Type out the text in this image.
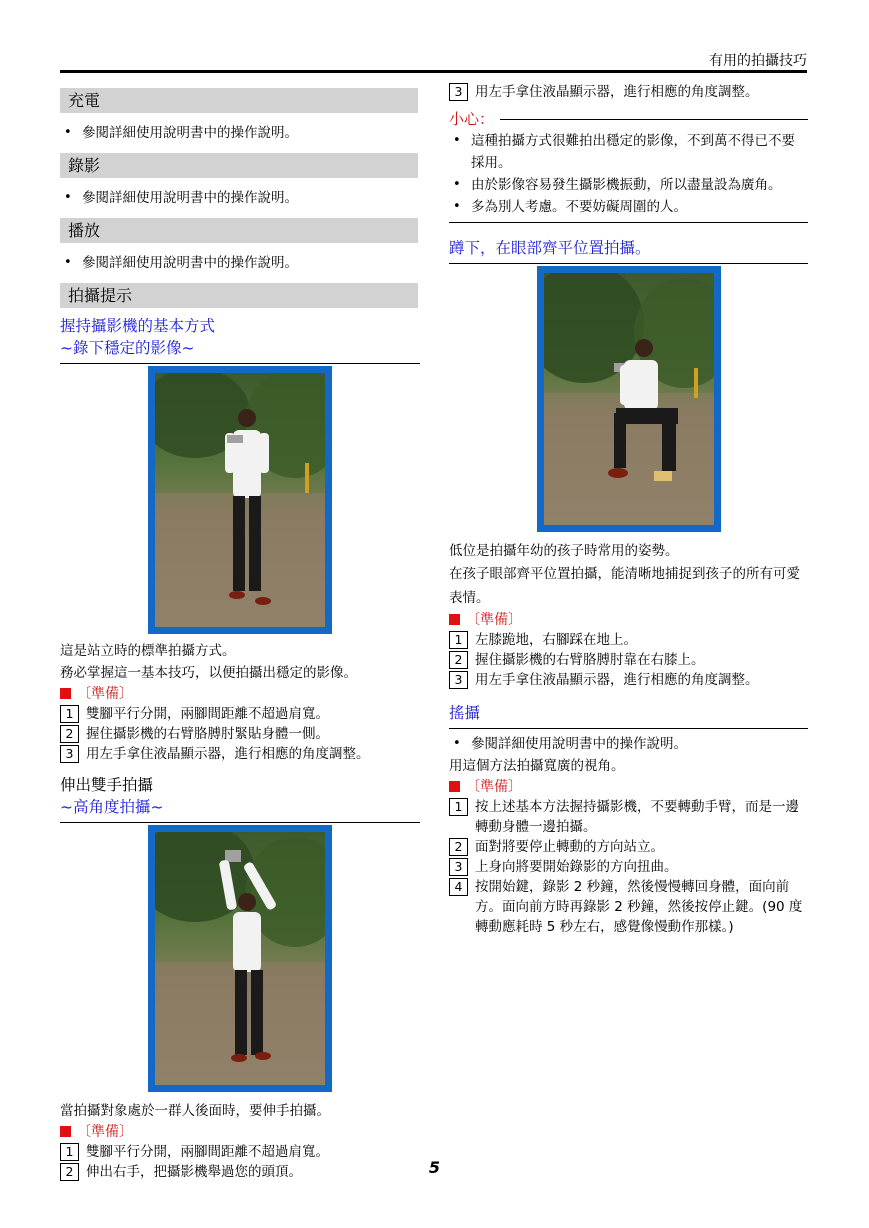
有用的拍攝技巧
充電
• 參閱詳細使用說明書中的操作說明。
錄影
• 參閱詳細使用說明書中的操作說明。
播放
• 參閱詳細使用說明書中的操作說明。
拍攝提示
握持攝影機的基本方式
~錄下穩定的影像~
這是站立時的標準拍攝方式。
務必掌握這一基本技巧，以便拍攝出穩定的影像。
〔準備〕
1 雙腳平行分開，兩腳間距離不超過肩寬。
2 握住攝影機的右臂胳膊肘緊貼身體一側。
3 用左手拿住液晶顯示器，進行相應的角度調整。
伸出雙手拍攝
~高角度拍攝~
當拍攝對象處於一群人後面時，要伸手拍攝。
〔準備〕
1 雙腳平行分開，兩腳間距離不超過肩寬。
2 伸出右手，把攝影機舉過您的頭頂。
3 用左手拿住液晶顯示器，進行相應的角度調整。
小心：
• 這種拍攝方式很難拍出穩定的影像，不到萬不得已不要採用。
• 由於影像容易發生攝影機振動，所以盡量設為廣角。
• 多為別人考慮。不要妨礙周圍的人。
蹲下，在眼部齊平位置拍攝。
低位是拍攝年幼的孩子時常用的姿勢。
在孩子眼部齊平位置拍攝，能清晰地捕捉到孩子的所有可愛表情。
〔準備〕
1 左膝跪地，右腳踩在地上。
2 握住攝影機的右臂胳膊肘靠在右膝上。
3 用左手拿住液晶顯示器，進行相應的角度調整。
搖攝
• 參閱詳細使用說明書中的操作說明。
用這個方法拍攝寬廣的視角。
〔準備〕
1 按上述基本方法握持攝影機，不要轉動手臂，而是一邊轉動身體一邊拍攝。
2 面對將要停止轉動的方向站立。
3 上身向將要開始錄影的方向扭曲。
4 按開始鍵，錄影 2 秒鐘，然後慢慢轉回身體，面向前方。面向前方時再錄影 2 秒鐘，然後按停止鍵。(90 度轉動應耗時 5 秒左右，感覺像慢動作那樣。)
5
